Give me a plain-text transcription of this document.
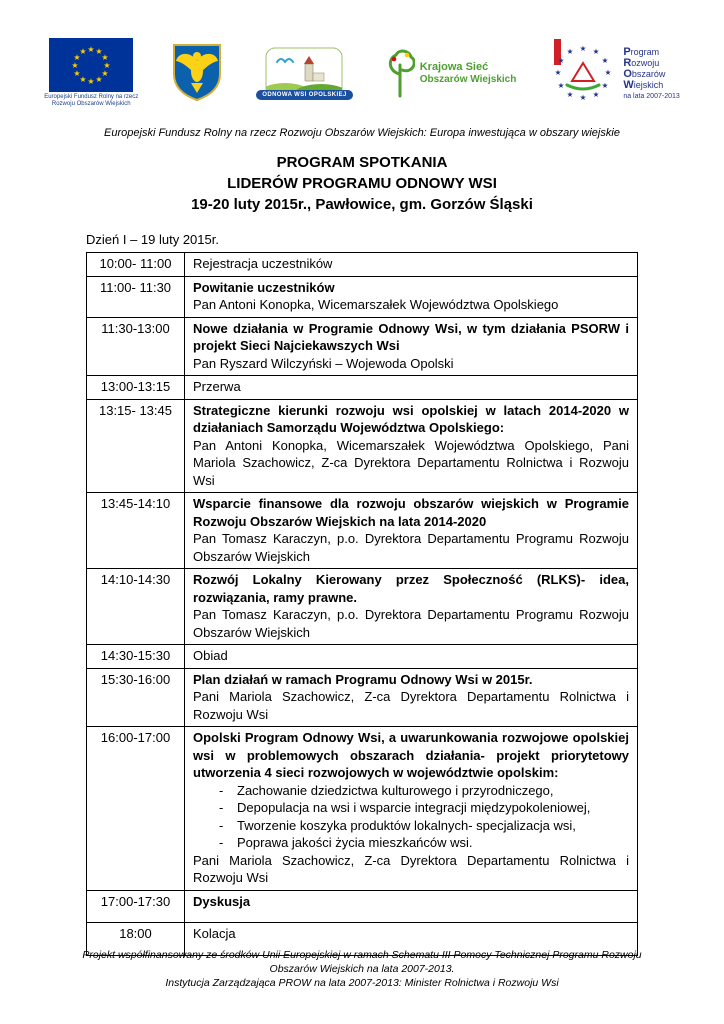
★ ★
★
★
★
★
★
★
★
★
★
★
Europejski Fundusz Rolny na rzecz
Rozwoju Obszarów Wiejskich
ODNOWA WSI OPOLSKIEJ
Krajowa Sieć
Obszarów Wiejskich
★ ★
★
★
★
★
★
★
★
★
★
★	Program
Rozwoju
Obszarów
Wiejskich
na lata 2007-2013
Europejski Fundusz Rolny na rzecz Rozwoju Obszarów Wiejskich: Europa inwestująca w obszary wiejskie
PROGRAM SPOTKANIA
LIDERÓW PROGRAMU ODNOWY WSI
19-20 luty 2015r., Pawłowice, gm. Gorzów Śląski
Dzień I – 19 luty 2015r.
10:00- 11:00	Rejestracja uczestników

11:00- 11:30	Powitanie uczestników
Pan Antoni Konopka, Wicemarszałek Województwa Opolskiego

11:30-13:00	Nowe działania w Programie Odnowy Wsi, w tym działania PSORW i projekt Sieci Najciekawszych Wsi
Pan Ryszard Wilczyński – Wojewoda Opolski

13:00-13:15	Przerwa

13:15- 13:45	Strategiczne kierunki rozwoju wsi opolskiej w latach 2014-2020 w działaniach Samorządu Województwa Opolskiego:
Pan Antoni Konopka, Wicemarszałek Województwa Opolskiego, Pani Mariola Szachowicz, Z-ca Dyrektora Departamentu Rolnictwa i Rozwoju Wsi

13:45-14:10	Wsparcie finansowe dla rozwoju obszarów wiejskich w Programie Rozwoju Obszarów Wiejskich na lata 2014-2020
Pan Tomasz Karaczyn, p.o. Dyrektora Departamentu Programu Rozwoju Obszarów Wiejskich

14:10-14:30	Rozwój Lokalny Kierowany przez Społeczność (RLKS)- idea, rozwiązania, ramy prawne.
Pan Tomasz Karaczyn, p.o. Dyrektora Departamentu Programu Rozwoju Obszarów Wiejskich

14:30-15:30	Obiad

15:30-16:00	Plan działań w ramach Programu Odnowy Wsi w 2015r.
Pani Mariola Szachowicz, Z-ca Dyrektora Departamentu Rolnictwa i Rozwoju Wsi

16:00-17:00	Opolski Program Odnowy Wsi, a uwarunkowania rozwojowe opolskiej wsi w problemowych obszarach działania- projekt priorytetowy utworzenia 4 sieci rozwojowych w województwie opolskim:
-	Zachowanie dziedzictwa kulturowego i przyrodniczego,
-	Depopulacja na wsi i wsparcie integracji międzypokoleniowej,
-	Tworzenie koszyka produktów lokalnych- specjalizacja wsi,
-	Poprawa jakości życia mieszkańców wsi.
Pani Mariola Szachowicz, Z-ca Dyrektora Departamentu Rolnictwa i Rozwoju Wsi

17:00-17:30	Dyskusja

18:00	Kolacja
Projekt współfinansowany ze środków Unii Europejskiej w ramach Schematu III Pomocy Technicznej Programu Rozwoju
Obszarów Wiejskich na lata 2007-2013.
Instytucja Zarządzająca PROW na lata 2007-2013: Minister Rolnictwa i Rozwoju Wsi
